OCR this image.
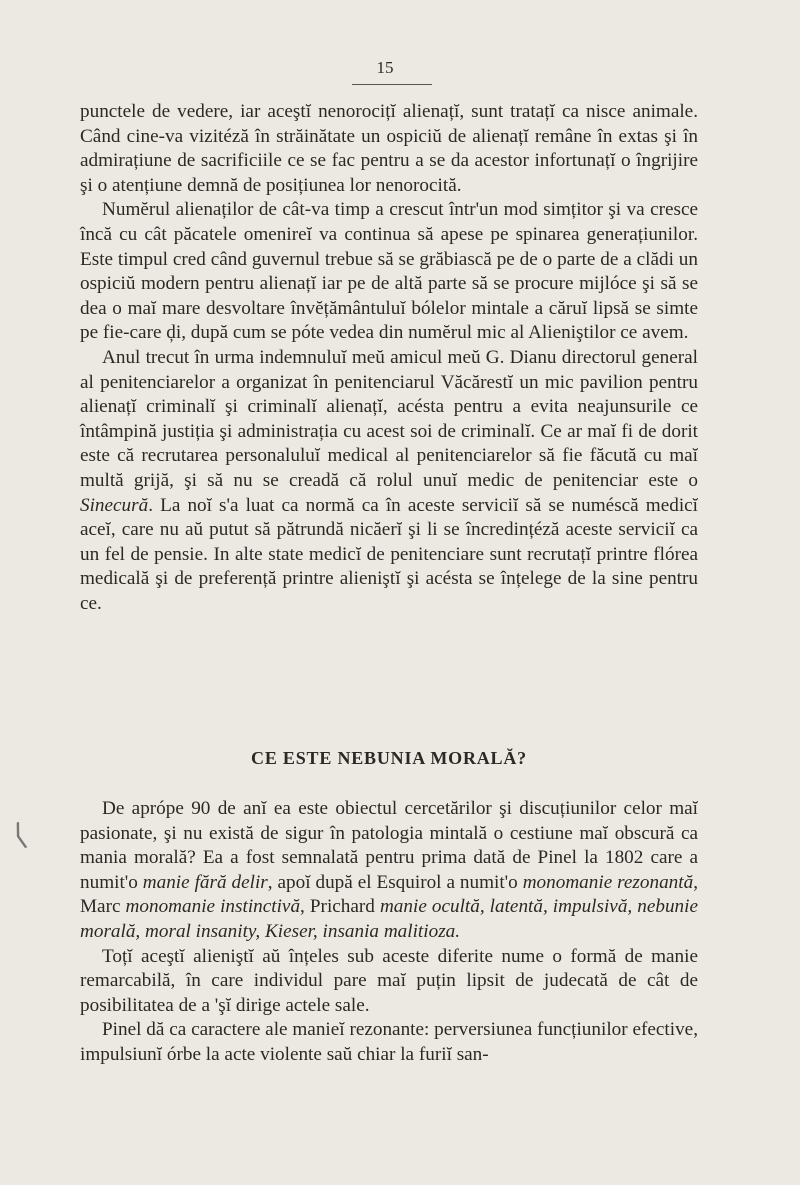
15

punctele de vedere, iar aceştĭ nenorocițĭ alienațĭ, sunt tratațĭ ca nisce animale. Când cine-va vizitéză în străinătate un ospiciŭ de alienațĭ remâne în extas şi în admirațiune de sacrificiile ce se fac pentru a se da acestor infortunațĭ o îngrijire şi o atențiune demnă de posițiunea lor nenorocită.

Numĕrul alienaților de cât-va timp a crescut într'un mod simțitor şi va cresce încă cu cât păcatele omenireĭ va continua să apese pe spinarea generațiunilor. Este timpul cred când guvernul trebue să se grăbiască pe de o parte de a clădi un ospiciŭ modern pentru alienațĭ iar pe de altă parte să se procure mijlóce şi să se dea o maĭ mare desvoltare învĕțământuluĭ bólelor mintale a căruĭ lipsă se simte pe fie-care ḑi, după cum se póte vedea din numĕrul mic al Alieniştilor ce avem.

Anul trecut în urma indemnuluĭ meŭ amicul meŭ G. Dianu directorul general al penitenciarelor a organizat în penitenciarul Văcărestĭ un mic pavilion pentru alienațĭ criminalĭ şi criminalĭ alienațĭ, acésta pentru a evita neajunsurile ce întâmpină justiția şi administrația cu acest soi de criminalĭ. Ce ar maĭ fi de dorit este că recrutarea personaluluĭ medical al penitenciarelor să fie făcută cu maĭ multă grijă, şi să nu se creadă că rolul unuĭ medic de penitenciar este o Sinecură. La noĭ s'a luat ca normă ca în aceste serviciĭ să se numéscă medicĭ aceĭ, care nu aŭ putut să pătrundă nicăerĭ şi li se încredințéză aceste serviciĭ ca un fel de pensie. In alte state medicĭ de penitenciare sunt recrutațĭ printre flórea medicală şi de preferență printre alieniştĭ şi acésta se înțelege de la sine pentru ce.

CE ESTE NEBUNIA MORALĂ?
⟨

De aprópe 90 de anĭ ea este obiectul cercetărilor şi discuțiunilor celor maĭ pasionate, şi nu există de sigur în patologia mintală o cestiune maĭ obscură ca mania morală? Ea a fost semnalată pentru prima dată de Pinel la 1802 care a numit'o manie fără delir, apoĭ după el Esquirol a numit'o monomanie rezonantă, Marc monomanie instinctivă, Prichard manie ocultă, latentă, impulsivă, nebunie morală, moral insanity, Kieser, insania malitioza.

Toțĭ aceştĭ alieniştĭ aŭ înțeles sub aceste diferite nume o formă de manie remarcabilă, în care individul pare maĭ puțin lipsit de judecată de cât de posibilitatea de a 'şĭ dirige actele sale.

Pinel dă ca caractere ale manieĭ rezonante: perversiunea funcțiunilor efective, impulsiunĭ órbe la acte violente saŭ chiar la furiĭ san-
